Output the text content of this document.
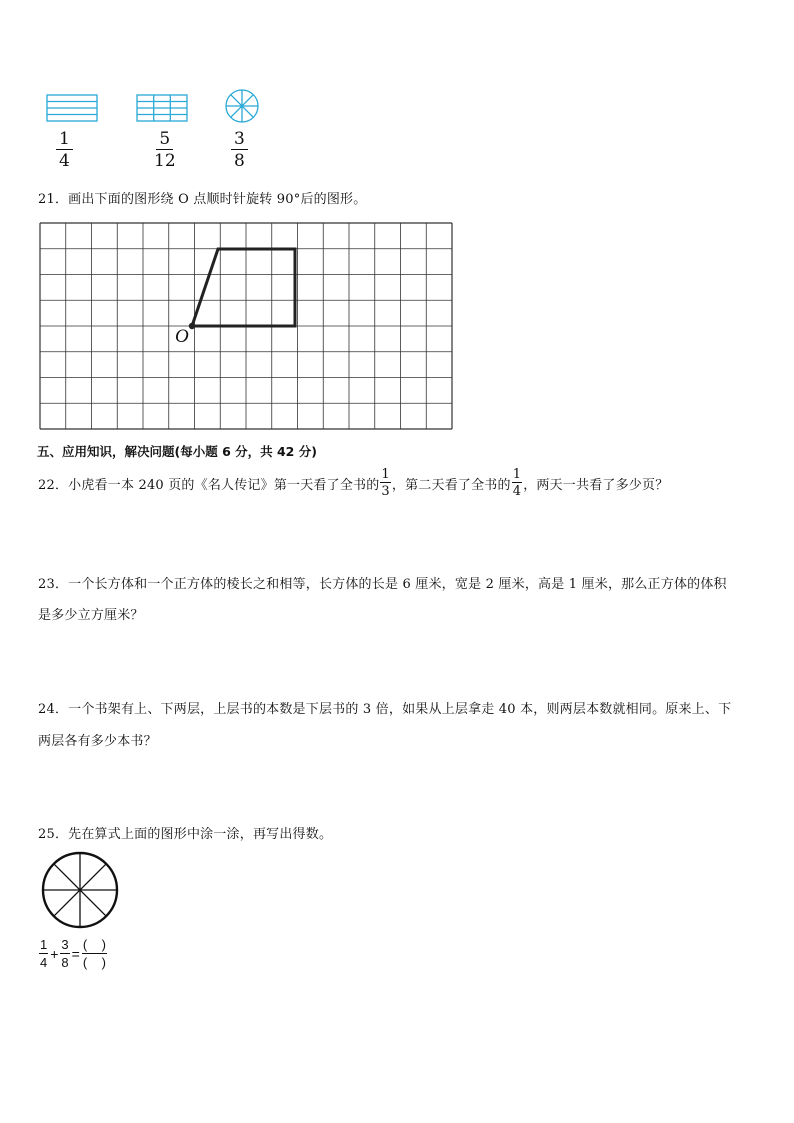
$\frac{1}{4}$	$\frac{5}{12}$	$\frac{3}{8}$
21．画出下面的图形绕 O 点顺时针旋转 90°后的图形。
O
五、应用知识，解决问题(每小题 6 分，共 42 分)
22．小虎看一本 240 页的《名人传记》第一天看了全书的 $\frac{1}{3}$ ，第二天看了全书的 $\frac{1}{4}$ ，两天一共看了多少页？
23．一个长方体和一个正方体的棱长之和相等，长方体的长是 6 厘米，宽是 2 厘米，高是 1 厘米，那么正方体的体积
是多少立方厘米？
24．一个书架有上、下两层，上层书的本数是下层书的 3 倍，如果从上层拿走 40 本，则两层本数就相同。原来上、下
两层各有多少本书？
25．先在算式上面的图形中涂一涂，再写出得数。
$\frac{1}{4} + \frac{3}{8} = \frac{( )}{( )}$
